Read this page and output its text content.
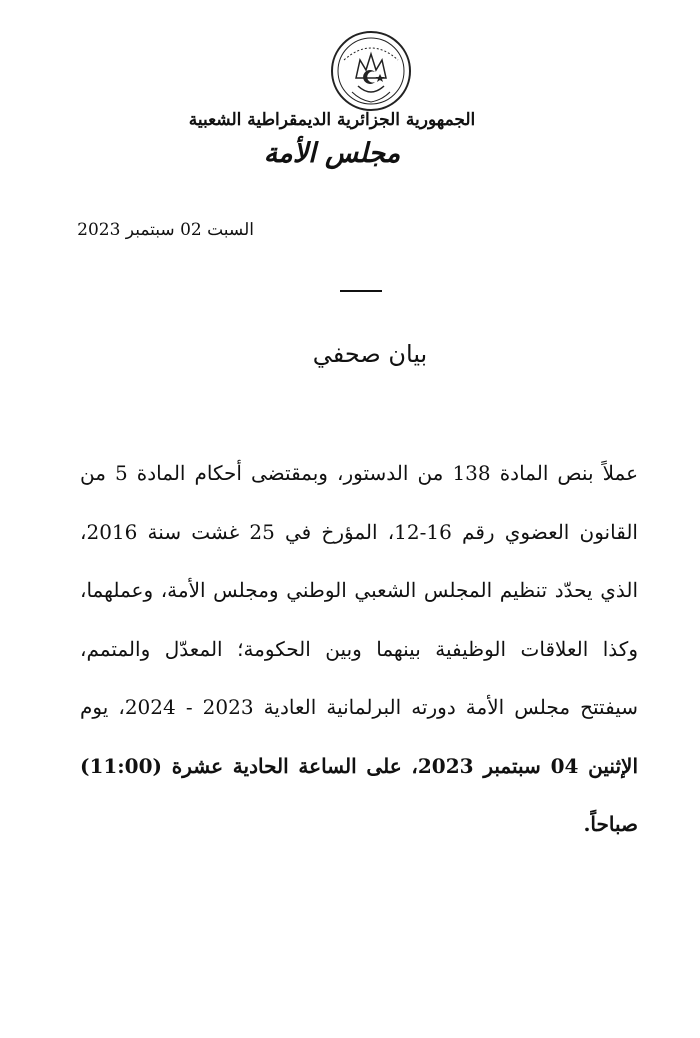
الجمهورية الجزائرية الديمقراطية الشعبية
مجلس الأمة
السبت 02 سبتمبر 2023
بيان صحفي
عملاً بنص المادة 138 من الدستور، وبمقتضى أحكام المادة 5 من القانون العضوي رقم 16-12، المؤرخ في 25 غشت سنة 2016، الذي يحدّد تنظيم المجلس الشعبي الوطني ومجلس الأمة، وعملهما، وكذا العلاقات الوظيفية بينهما وبين الحكومة؛ المعدّل والمتمم، سيفتتح مجلس الأمة دورته البرلمانية العادية 2023 - 2024، يوم الإثنين 04 سبتمبر 2023، على الساعة الحادية عشرة (11:00) صباحاً.
